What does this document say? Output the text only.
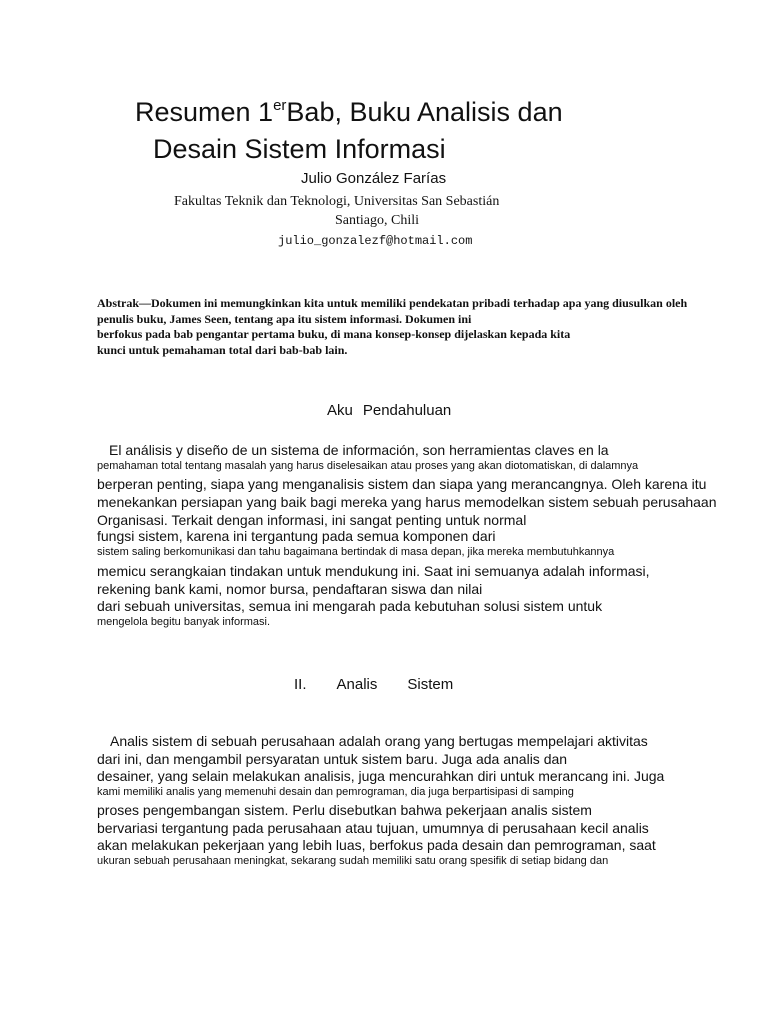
Resumen 1erBab, Buku Analisis dan
Desain Sistem Informasi
Julio González Farías
Fakultas Teknik dan Teknologi, Universitas San Sebastián
Santiago, Chili
julio_gonzalezf@hotmail.com
Abstrak—Dokumen ini memungkinkan kita untuk memiliki pendekatan pribadi terhadap apa yang diusulkan oleh
penulis buku, James Seen, tentang apa itu sistem informasi. Dokumen ini
berfokus pada bab pengantar pertama buku, di mana konsep-konsep dijelaskan kepada kita
kunci untuk pemahaman total dari bab-bab lain.
Aku Pendahuluan
El análisis y diseño de un sistema de información, son herramientas claves en la
pemahaman total tentang masalah yang harus diselesaikan atau proses yang akan diotomatiskan, di dalamnya
berperan penting, siapa yang menganalisis sistem dan siapa yang merancangnya. Oleh karena itu
menekankan persiapan yang baik bagi mereka yang harus memodelkan sistem sebuah perusahaan
Organisasi. Terkait dengan informasi, ini sangat penting untuk normal
fungsi sistem, karena ini tergantung pada semua komponen dari
sistem saling berkomunikasi dan tahu bagaimana bertindak di masa depan, jika mereka membutuhkannya
memicu serangkaian tindakan untuk mendukung ini. Saat ini semuanya adalah informasi,
rekening bank kami, nomor bursa, pendaftaran siswa dan nilai
dari sebuah universitas, semua ini mengarah pada kebutuhan solusi sistem untuk
mengelola begitu banyak informasi.
II. Analis Sistem
Analis sistem di sebuah perusahaan adalah orang yang bertugas mempelajari aktivitas
dari ini, dan mengambil persyaratan untuk sistem baru. Juga ada analis dan
desainer, yang selain melakukan analisis, juga mencurahkan diri untuk merancang ini. Juga
kami memiliki analis yang memenuhi desain dan pemrograman, dia juga berpartisipasi di samping
proses pengembangan sistem. Perlu disebutkan bahwa pekerjaan analis sistem
bervariasi tergantung pada perusahaan atau tujuan, umumnya di perusahaan kecil analis
akan melakukan pekerjaan yang lebih luas, berfokus pada desain dan pemrograman, saat
ukuran sebuah perusahaan meningkat, sekarang sudah memiliki satu orang spesifik di setiap bidang dan
